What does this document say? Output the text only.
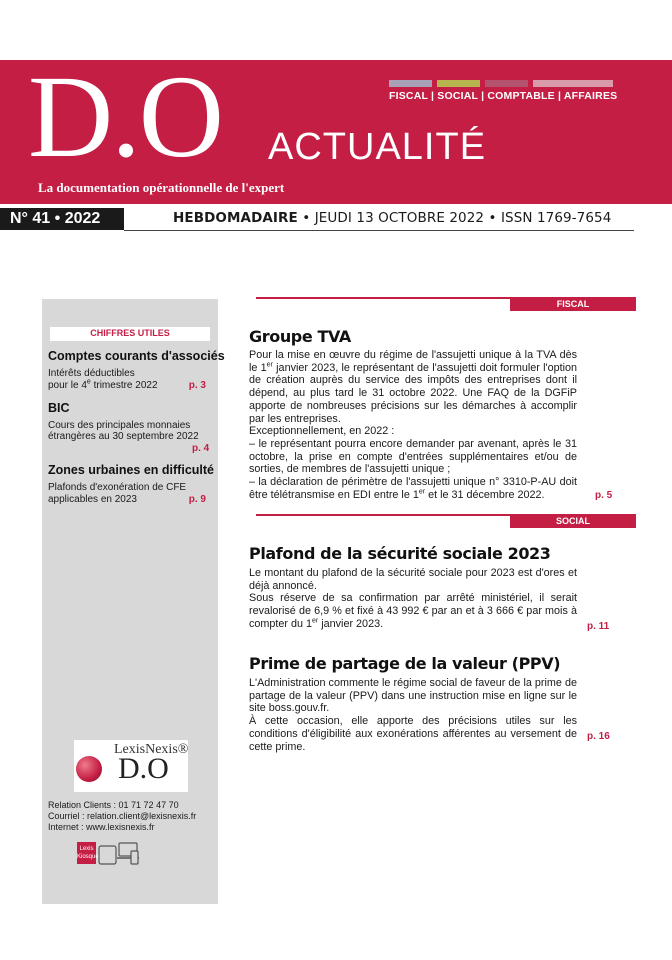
FISCAL | SOCIAL | COMPTABLE | AFFAIRES
D.O ACTUALITÉ
La documentation opérationnelle de l'expert
N° 41 • 2022	HEBDOMADAIRE • JEUDI 13 OCTOBRE 2022 • ISSN 1769-7654
CHIFFRES UTILES
Comptes courants d'associés
Intérêts déductibles
pour le 4e trimestre 2022	p. 3
BIC
Cours des principales monnaies
étrangères au 30 septembre 2022
p. 4
Zones urbaines en difficulté
Plafonds d'exonération de CFE
applicables en 2023	p. 9
LexisNexis®
D.O
Relation Clients : 01 71 72 47 70
Courriel : relation.client@lexisnexis.fr
Internet : www.lexisnexis.fr
Lexis Kiosque
FISCAL
Groupe TVA

Pour la mise en œuvre du régime de l'assujetti unique à la TVA dès le 1er janvier 2023, le représentant de l'assujetti doit formuler l'option de création auprès du service des impôts des entreprises dont il dépend, au plus tard le 31 octobre 2022. Une FAQ de la DGFiP apporte de nombreuses précisions sur les démarches à accomplir par les entreprises.

Exceptionnellement, en 2022 :

– le représentant pourra encore demander par avenant, après le 31 octobre, la prise en compte d'entrées supplémentaires et/ou de sorties, de membres de l'assujetti unique ;

– la déclaration de périmètre de l'assujetti unique n° 3310-P-AU doit être télétransmise en EDI entre le 1er et le 31 décembre 2022.	p. 5
SOCIAL
Plafond de la sécurité sociale 2023

Le montant du plafond de la sécurité sociale pour 2023 est d'ores et déjà annoncé.

Sous réserve de sa confirmation par arrêté ministériel, il serait revalorisé de 6,9 % et fixé à 43 992 € par an et à 3 666 € par mois à compter du 1er janvier 2023.	p. 11
Prime de partage de la valeur (PPV)

L'Administration commente le régime social de faveur de la prime de partage de la valeur (PPV) dans une instruction mise en ligne sur le site boss.gouv.fr.

À cette occasion, elle apporte des précisions utiles sur les conditions d'éligibilité aux exonérations afférentes au versement de cette prime.

p. 16
